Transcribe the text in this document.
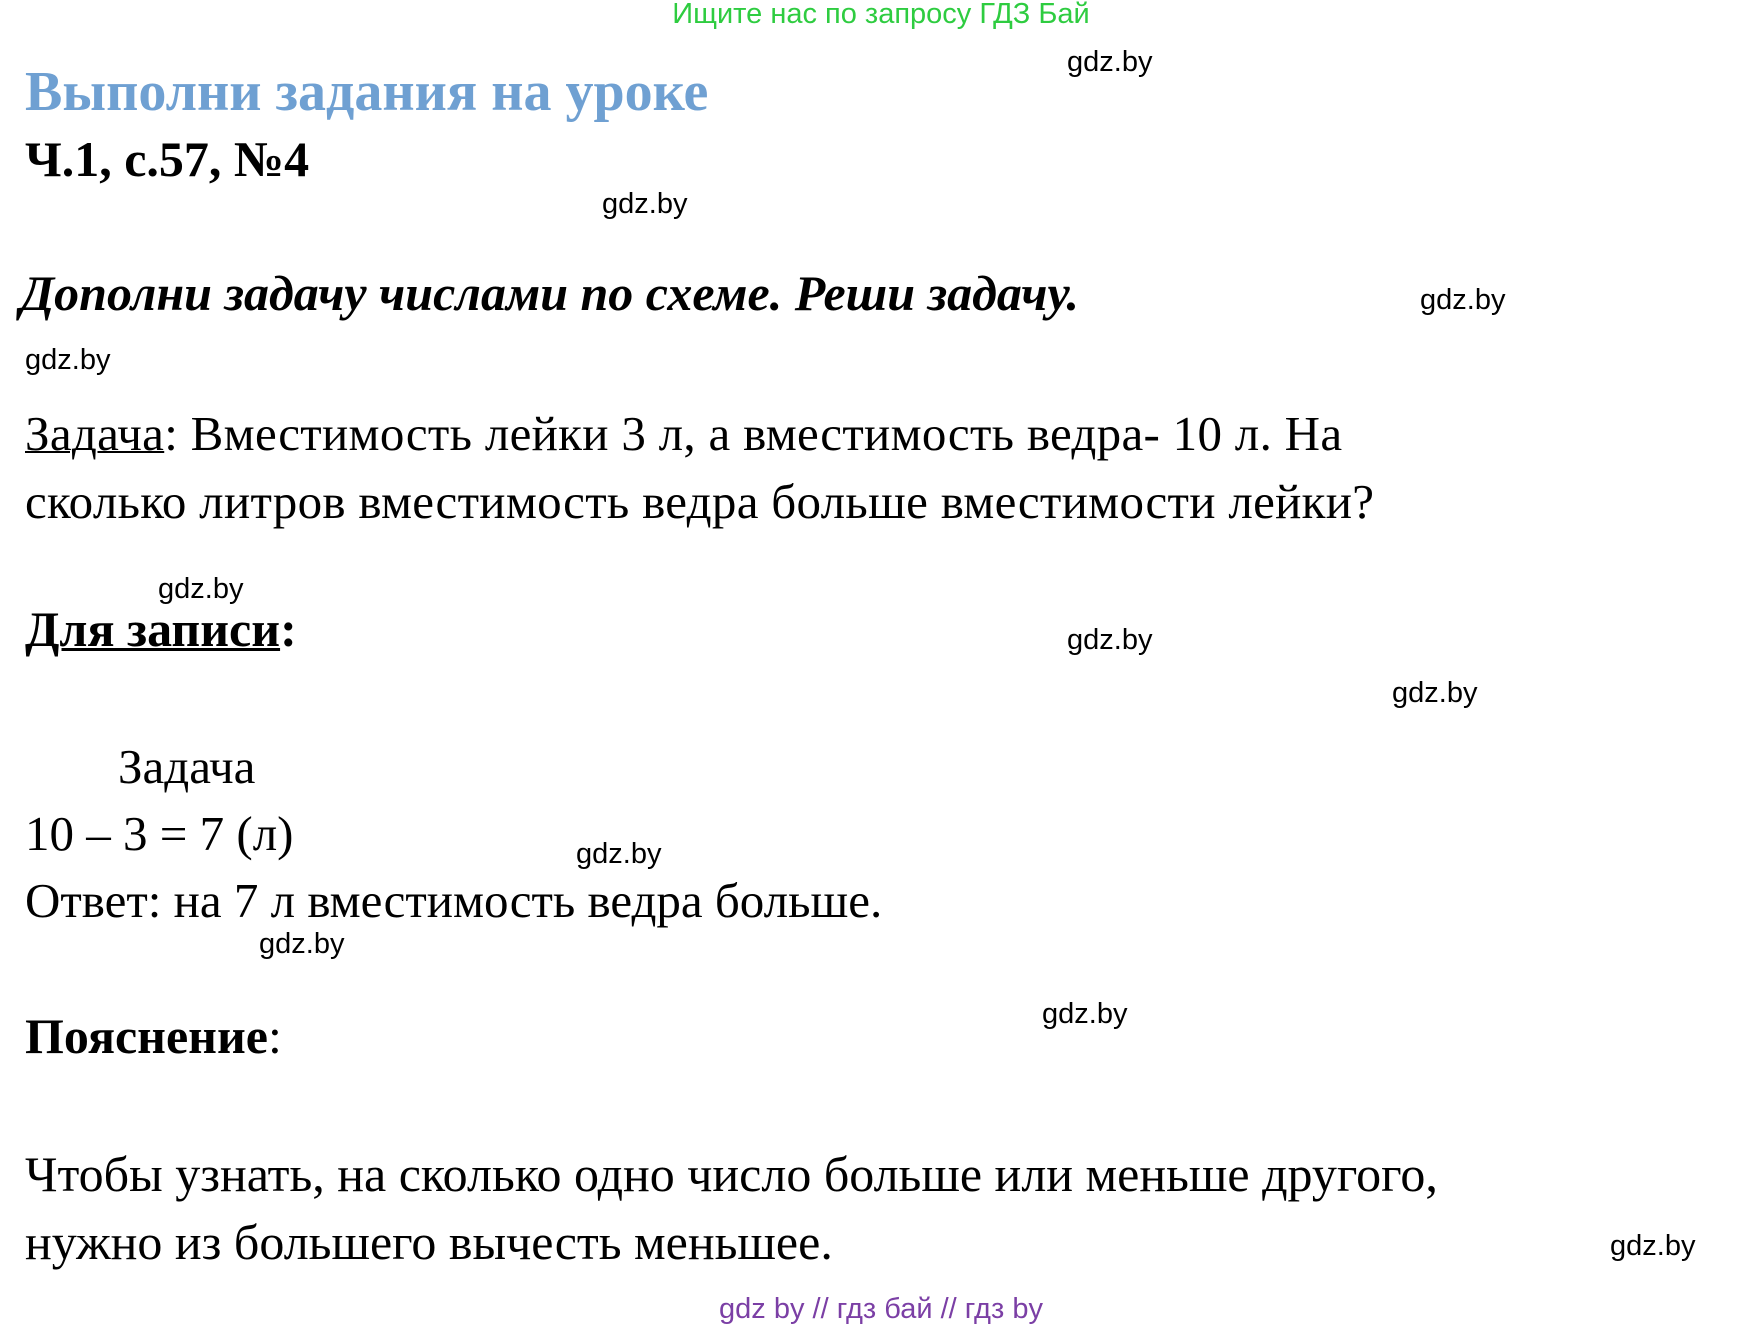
Ищите нас по запросу ГДЗ Бай
Выполни задания на уроке
Ч.1, с.57, №4
Дополни задачу числами по схеме. Реши задачу.
Задача: Вместимость лейки 3 л, а вместимость ведра- 10 л. На
сколько литров вместимость ведра больше вместимости лейки?
Для записи:
Задача
10 – 3 = 7 (л)
Ответ: на 7 л вместимость ведра больше.
Пояснение:
Чтобы узнать, на сколько одно число больше или меньше другого,
нужно из большего вычесть меньшее.
gdz.by
gdz.by
gdz.by
gdz.by
gdz.by
gdz.by
gdz.by
gdz.by
gdz.by
gdz.by
gdz.by
gdz by // гдз бай // гдз by
